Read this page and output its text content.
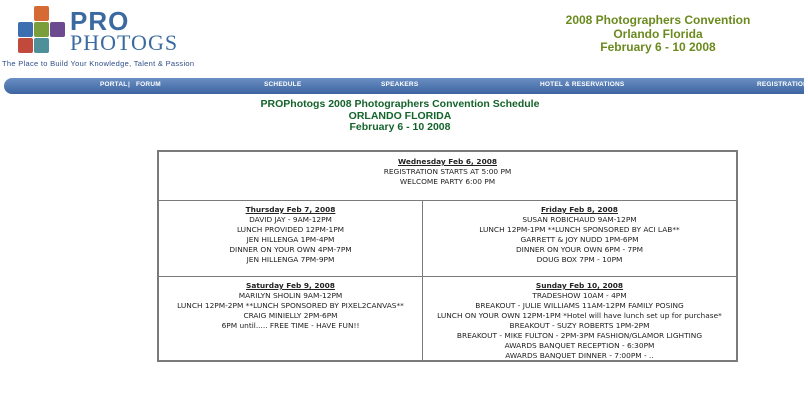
PRO
PHOTOGS
The Place to Build Your Knowledge, Talent & Passion
2008 Photographers Convention
Orlando Florida
February 6 - 10 2008
PORTAL | FORUM	SCHEDULE	SPEAKERS	HOTEL & RESERVATIONS	REGISTRATION
PROPhotogs 2008 Photographers Convention Schedule
ORLANDO FLORIDA
February 6 - 10 2008
Wednesday Feb 6, 2008
REGISTRATION STARTS AT 5:00 PM
WELCOME PARTY 6:00 PM
Thursday Feb 7, 2008
DAVID JAY - 9AM-12PM
LUNCH PROVIDED 12PM-1PM
JEN HILLENGA 1PM-4PM
DINNER ON YOUR OWN 4PM-7PM
JEN HILLENGA 7PM-9PM
Friday Feb 8, 2008
SUSAN ROBICHAUD 9AM-12PM
LUNCH 12PM-1PM **LUNCH SPONSORED BY ACI LAB**
GARRETT & JOY NUDD 1PM-6PM
DINNER ON YOUR OWN 6PM - 7PM
DOUG BOX 7PM - 10PM
Saturday Feb 9, 2008
MARILYN SHOLIN 9AM-12PM
LUNCH 12PM-2PM **LUNCH SPONSORED BY PIXEL2CANVAS**
CRAIG MINIELLY 2PM-6PM
6PM until..... FREE TIME - HAVE FUN!!
Sunday Feb 10, 2008
TRADESHOW 10AM - 4PM
BREAKOUT - JULIE WILLIAMS 11AM-12PM FAMILY POSING
LUNCH ON YOUR OWN 12PM-1PM *Hotel will have lunch set up for purchase*
BREAKOUT - SUZY ROBERTS 1PM-2PM
BREAKOUT - MIKE FULTON - 2PM-3PM FASHION/GLAMOR LIGHTING
AWARDS BANQUET RECEPTION - 6:30PM
AWARDS BANQUET DINNER - 7:00PM - ..
